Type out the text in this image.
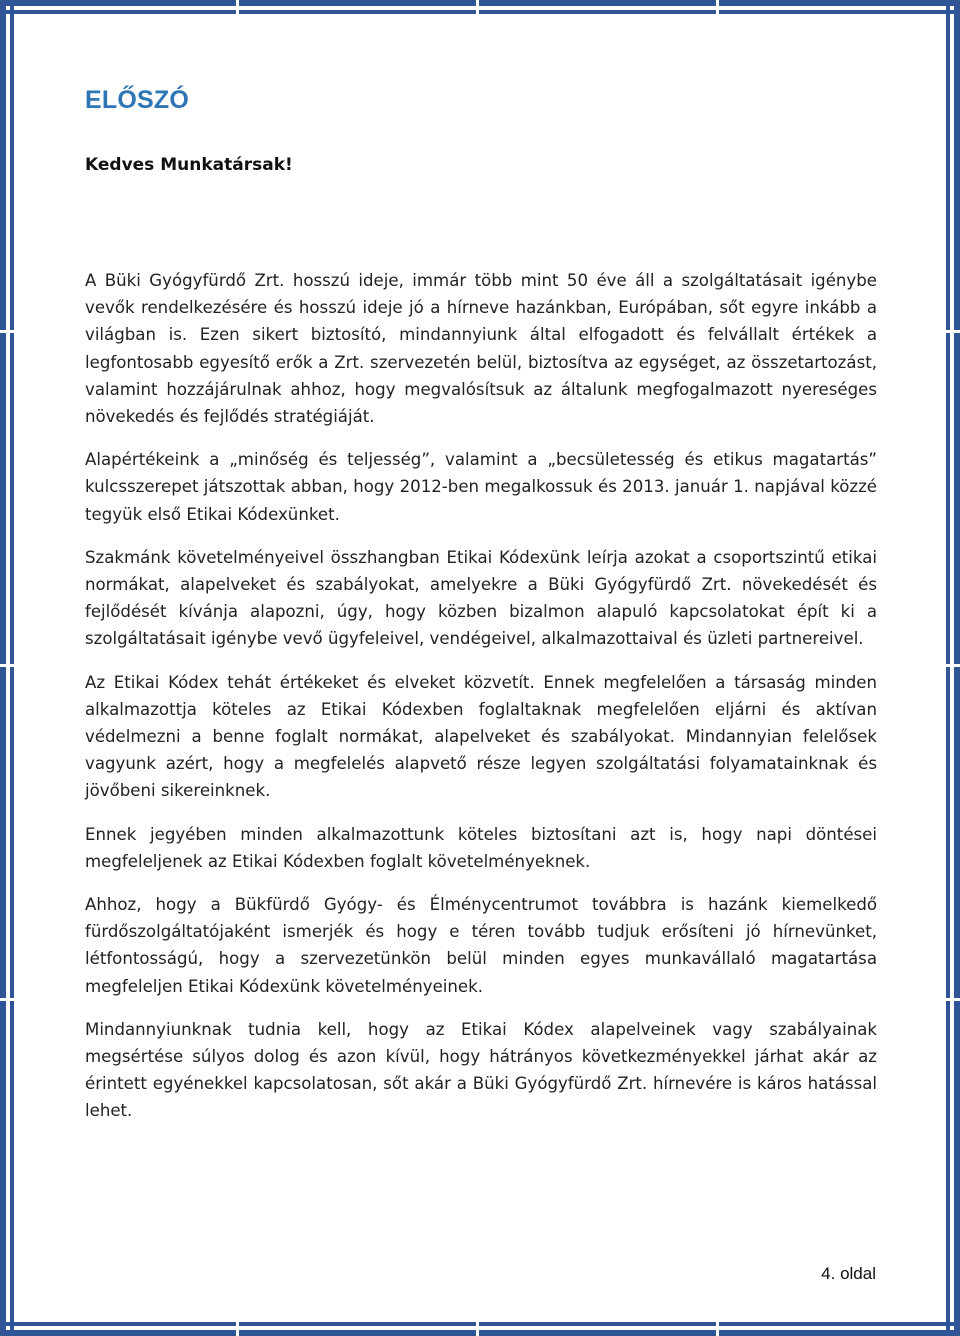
ELŐSZÓ

Kedves Munkatársak!

A Büki Gyógyfürdő Zrt. hosszú ideje, immár több mint 50 éve áll a szolgáltatásait igénybe vevők rendelkezésére és hosszú ideje jó a hírneve hazánkban, Európában, sőt egyre inkább a világban is. Ezen sikert biztosító, mindannyiunk által elfogadott és felvállalt értékek a legfontosabb egyesítő erők a Zrt. szervezetén belül, biztosítva az egységet, az összetartozást, valamint hozzájárulnak ahhoz, hogy megvalósítsuk az általunk megfogalmazott nyereséges növekedés és fejlődés stratégiáját.

Alapértékeink a „minőség és teljesség”, valamint a „becsületesség és etikus magatartás” kulcsszerepet játszottak abban, hogy 2012-ben megalkossuk és 2013. január 1. napjával közzé tegyük első Etikai Kódexünket.

Szakmánk követelményeivel összhangban Etikai Kódexünk leírja azokat a csoportszintű etikai normákat, alapelveket és szabályokat, amelyekre a Büki Gyógyfürdő Zrt. növekedését és fejlődését kívánja alapozni, úgy, hogy közben bizalmon alapuló kapcsolatokat épít ki a szolgáltatásait igénybe vevő ügyfeleivel, vendégeivel, alkalmazottaival és üzleti partnereivel.

Az Etikai Kódex tehát értékeket és elveket közvetít. Ennek megfelelően a társaság minden alkalmazottja köteles az Etikai Kódexben foglaltaknak megfelelően eljárni és aktívan védelmezni a benne foglalt normákat, alapelveket és szabályokat. Mindannyian felelősek vagyunk azért, hogy a megfelelés alapvető része legyen szolgáltatási folyamatainknak és jövőbeni sikereinknek.

Ennek jegyében minden alkalmazottunk köteles biztosítani azt is, hogy napi döntései megfeleljenek az Etikai Kódexben foglalt követelményeknek.

Ahhoz, hogy a Bükfürdő Gyógy- és Élménycentrumot továbbra is hazánk kiemelkedő fürdőszolgáltatójaként ismerjék és hogy e téren tovább tudjuk erősíteni jó hírnevünket, létfontosságú, hogy a szervezetünkön belül minden egyes munkavállaló magatartása megfeleljen Etikai Kódexünk követelményeinek.

Mindannyiunknak tudnia kell, hogy az Etikai Kódex alapelveinek vagy szabályainak megsértése súlyos dolog és azon kívül, hogy hátrányos következményekkel járhat akár az érintett egyénekkel kapcsolatosan, sőt akár a Büki Gyógyfürdő Zrt. hírnevére is káros hatással lehet.

4. oldal
